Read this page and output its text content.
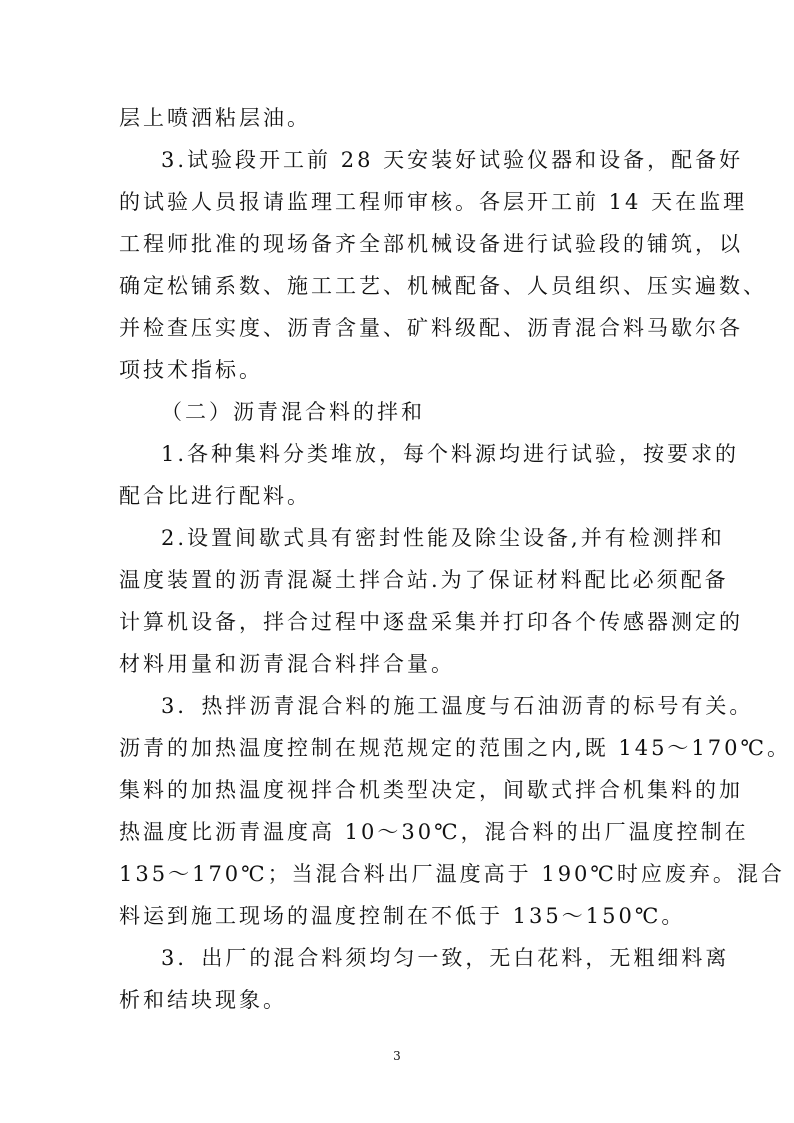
层上喷洒粘层油。
3.试验段开工前 28 天安装好试验仪器和设备，配备好
的试验人员报请监理工程师审核。各层开工前 14 天在监理
工程师批准的现场备齐全部机械设备进行试验段的铺筑，以
确定松铺系数、施工工艺、机械配备、人员组织、压实遍数、
并检查压实度、沥青含量、矿料级配、沥青混合料马歇尔各
项技术指标。
（二）沥青混合料的拌和
1.各种集料分类堆放，每个料源均进行试验，按要求的
配合比进行配料。
2.设置间歇式具有密封性能及除尘设备,并有检测拌和
温度装置的沥青混凝土拌合站.为了保证材料配比必须配备
计算机设备，拌合过程中逐盘采集并打印各个传感器测定的
材料用量和沥青混合料拌合量。
3．热拌沥青混合料的施工温度与石油沥青的标号有关。
沥青的加热温度控制在规范规定的范围之内,既 145～170℃。
集料的加热温度视拌合机类型决定，间歇式拌合机集料的加
热温度比沥青温度高 10～30℃，混合料的出厂温度控制在
135～170℃；当混合料出厂温度高于 190℃时应废弃。混合
料运到施工现场的温度控制在不低于 135～150℃。
3．出厂的混合料须均匀一致，无白花料，无粗细料离
析和结块现象。
3
